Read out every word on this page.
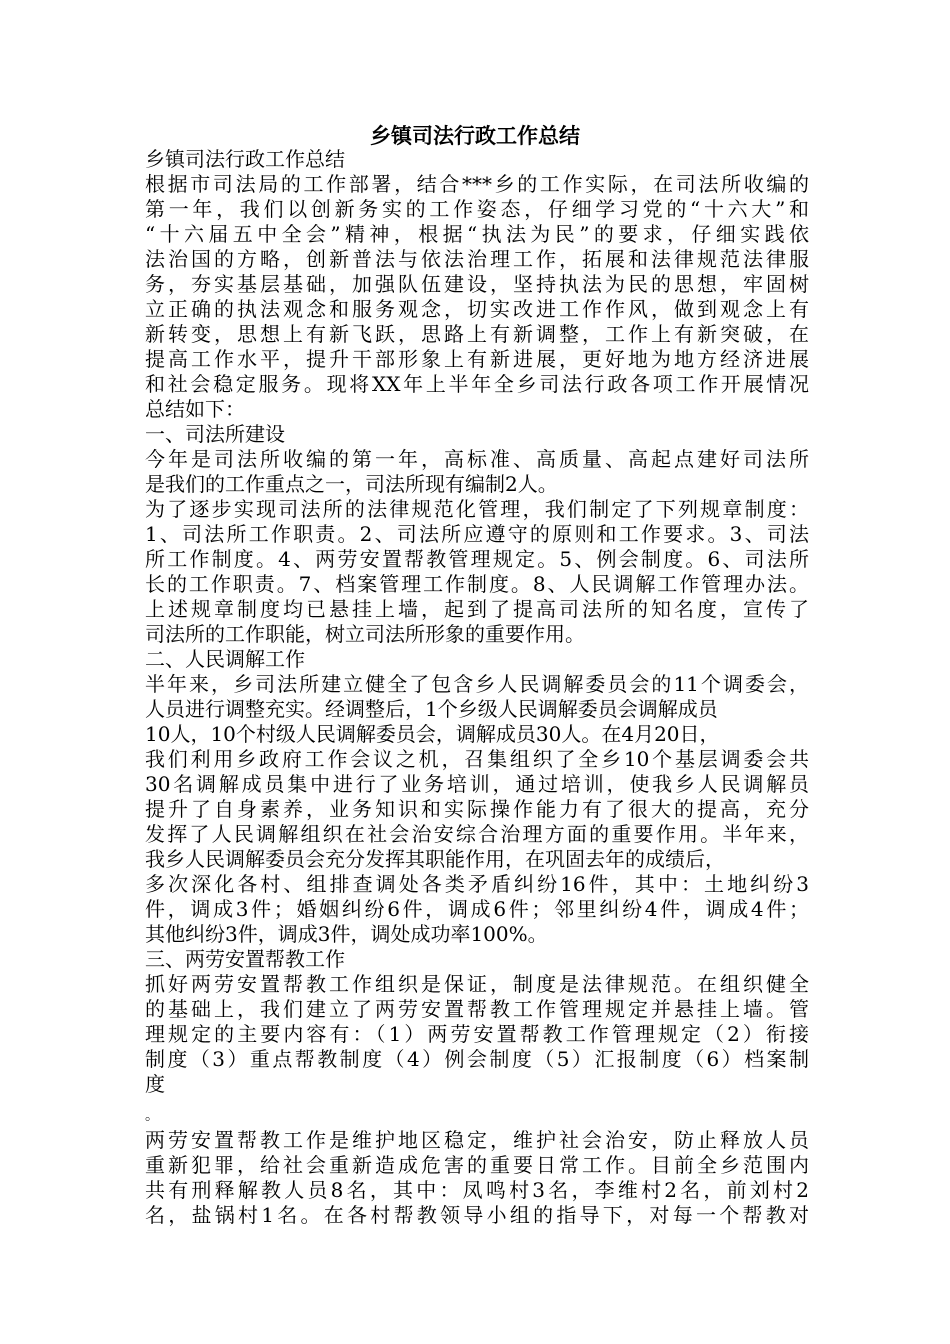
乡镇司法行政工作总结

乡镇司法行政工作总结

根据市司法局的工作部署，结合***乡的工作实际，在司法所收编的

第一年，我们以创新务实的工作姿态，仔细学习党的“十六大”和

“十六届五中全会”精神，根据“执法为民”的要求，仔细实践依

法治国的方略，创新普法与依法治理工作，拓展和法律规范法律服

务，夯实基层基础，加强队伍建设，坚持执法为民的思想，牢固树

立正确的执法观念和服务观念，切实改进工作作风，做到观念上有

新转变，思想上有新飞跃，思路上有新调整，工作上有新突破，在

提高工作水平，提升干部形象上有新进展，更好地为地方经济进展

和社会稳定服务。现将XX年上半年全乡司法行政各项工作开展情况

总结如下：

一、司法所建设

今年是司法所收编的第一年，高标准、高质量、高起点建好司法所

是我们的工作重点之一，司法所现有编制2人。

为了逐步实现司法所的法律规范化管理，我们制定了下列规章制度：

1、司法所工作职责。2、司法所应遵守的原则和工作要求。3、司法

所工作制度。4、两劳安置帮教管理规定。5、例会制度。6、司法所

长的工作职责。7、档案管理工作制度。8、人民调解工作管理办法。

上述规章制度均已悬挂上墙，起到了提高司法所的知名度，宣传了

司法所的工作职能，树立司法所形象的重要作用。

二、人民调解工作

半年来，乡司法所建立健全了包含乡人民调解委员会的11个调委会，

人员进行调整充实。经调整后，1个乡级人民调解委员会调解成员

10人，10个村级人民调解委员会，调解成员30人。在4月20日，

我们利用乡政府工作会议之机，召集组织了全乡10个基层调委会共

30名调解成员集中进行了业务培训，通过培训，使我乡人民调解员

提升了自身素养，业务知识和实际操作能力有了很大的提高，充分

发挥了人民调解组织在社会治安综合治理方面的重要作用。半年来，

我乡人民调解委员会充分发挥其职能作用，在巩固去年的成绩后，

多次深化各村、组排查调处各类矛盾纠纷16件，其中：土地纠纷3

件，调成3件；婚姻纠纷6件，调成6件；邻里纠纷4件，调成4件；

其他纠纷3件，调成3件，调处成功率100%。

三、两劳安置帮教工作

抓好两劳安置帮教工作组织是保证，制度是法律规范。在组织健全

的基础上，我们建立了两劳安置帮教工作管理规定并悬挂上墙。管

理规定的主要内容有：（1）两劳安置帮教工作管理规定（2）衔接

制度（3）重点帮教制度（4）例会制度（5）汇报制度（6）档案制

度

。

两劳安置帮教工作是维护地区稳定，维护社会治安，防止释放人员

重新犯罪，给社会重新造成危害的重要日常工作。目前全乡范围内

共有刑释解教人员8名，其中：凤鸣村3名，李维村2名，前刘村2

名，盐锅村1名。在各村帮教领导小组的指导下，对每一个帮教对
